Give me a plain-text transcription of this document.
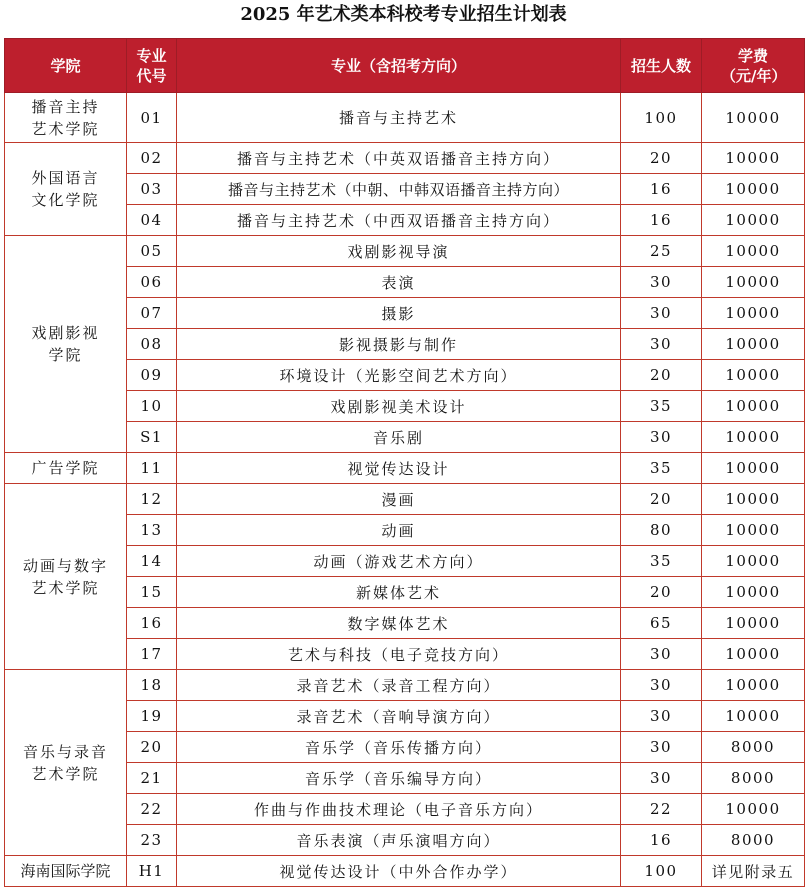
2025 年艺术类本科校考专业招生计划表
学院	专业代号	专业（含招考方向）	招生人数	学费（元/年）
播音主持艺术学院	01	播音与主持艺术	100	10000
外国语言文化学院	02	播音与主持艺术（中英双语播音主持方向）	20	10000
	03	播音与主持艺术（中朝、中韩双语播音主持方向）	16	10000
	04	播音与主持艺术（中西双语播音主持方向）	16	10000
戏剧影视学院	05	戏剧影视导演	25	10000
	06	表演	30	10000
	07	摄影	30	10000
	08	影视摄影与制作	30	10000
	09	环境设计（光影空间艺术方向）	20	10000
	10	戏剧影视美术设计	35	10000
	S1	音乐剧	30	10000
广告学院	11	视觉传达设计	35	10000
动画与数字艺术学院	12	漫画	20	10000
	13	动画	80	10000
	14	动画（游戏艺术方向）	35	10000
	15	新媒体艺术	20	10000
	16	数字媒体艺术	65	10000
	17	艺术与科技（电子竞技方向）	30	10000
音乐与录音艺术学院	18	录音艺术（录音工程方向）	30	10000
	19	录音艺术（音响导演方向）	30	10000
	20	音乐学（音乐传播方向）	30	8000
	21	音乐学（音乐编导方向）	30	8000
	22	作曲与作曲技术理论（电子音乐方向）	22	10000
	23	音乐表演（声乐演唱方向）	16	8000
海南国际学院	H1	视觉传达设计（中外合作办学）	100	详见附录五
